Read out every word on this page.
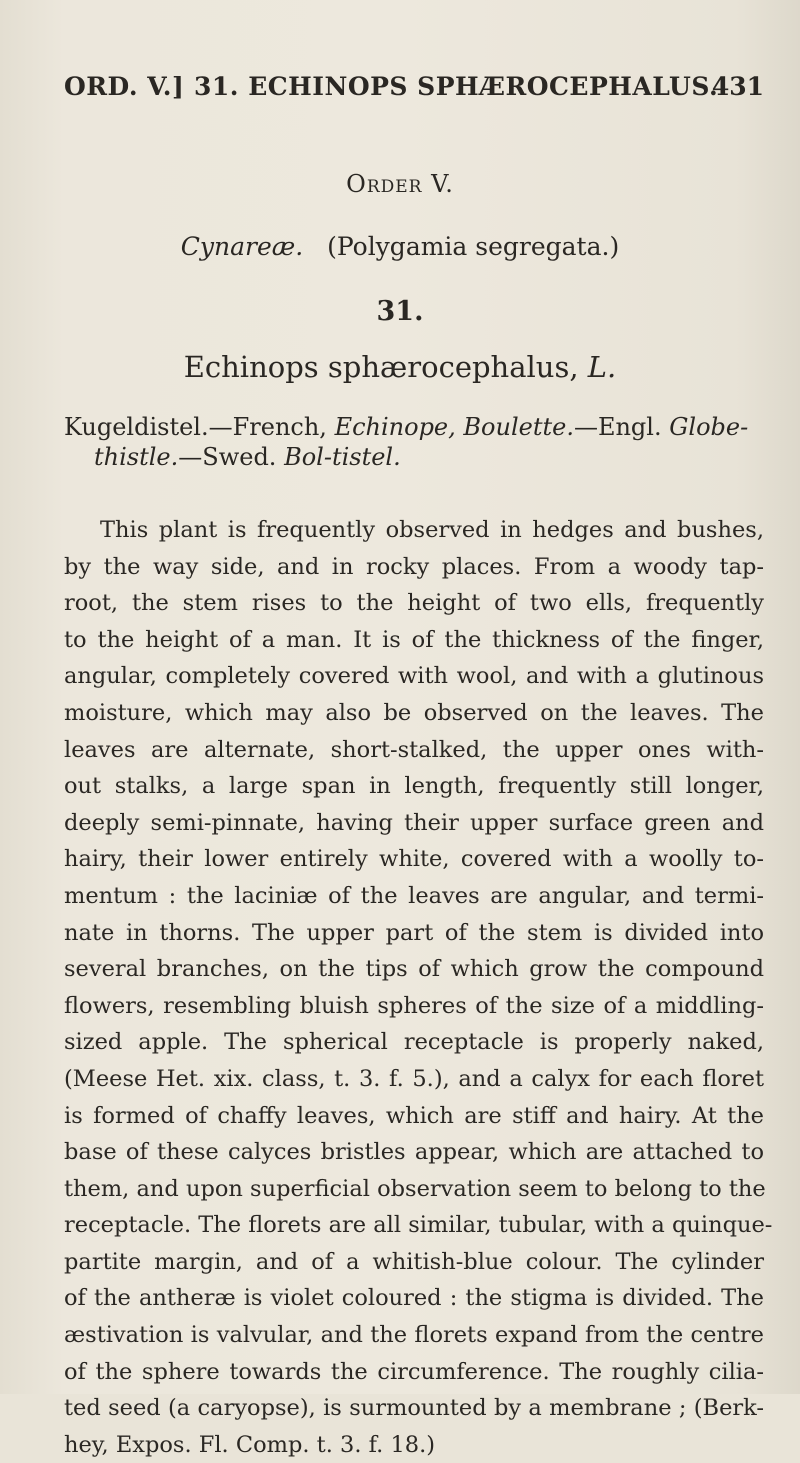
ORD. V.] 31. ECHINOPS SPHÆROCEPHALUS.
431
Order V.
Cynareæ. (Polygamia segregata.)
31.
Echinops sphærocephalus, L.
Kugeldistel.—French, Echinope, Boulette.—Engl. Globe-
thistle.—Swed. Bol-tistel.
This plant is frequently observed in hedges and bushes,
by the way side, and in rocky places. From a woody tap-
root, the stem rises to the height of two ells, frequently
to the height of a man. It is of the thickness of the finger,
angular, completely covered with wool, and with a glutinous
moisture, which may also be observed on the leaves. The
leaves are alternate, short-stalked, the upper ones with-
out stalks, a large span in length, frequently still longer,
deeply semi-pinnate, having their upper surface green and
hairy, their lower entirely white, covered with a woolly to-
mentum : the laciniæ of the leaves are angular, and termi-
nate in thorns. The upper part of the stem is divided into
several branches, on the tips of which grow the compound
flowers, resembling bluish spheres of the size of a middling-
sized apple. The spherical receptacle is properly naked,
(Meese Het. xix. class, t. 3. f. 5.), and a calyx for each floret
is formed of chaffy leaves, which are stiff and hairy. At the
base of these calyces bristles appear, which are attached to
them, and upon superficial observation seem to belong to the
receptacle. The florets are all similar, tubular, with a quinque-
partite margin, and of a whitish-blue colour. The cylinder
of the antheræ is violet coloured : the stigma is divided. The
æstivation is valvular, and the florets expand from the centre
of the sphere towards the circumference. The roughly cilia-
ted seed (a caryopse), is surmounted by a membrane ; (Berk-
hey, Expos. Fl. Comp. t. 3. f. 18.)
